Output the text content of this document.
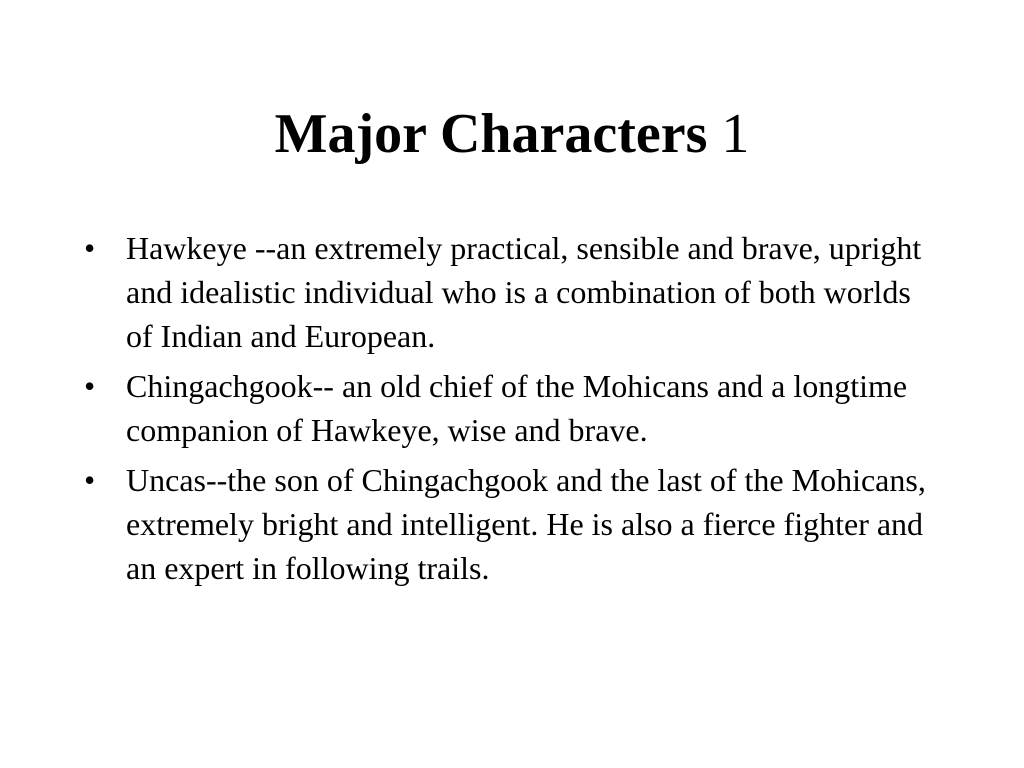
Major Characters 1
• Hawkeye --an extremely practical, sensible and brave, upright and idealistic individual who is a combination of both worlds of Indian and European.
• Chingachgook-- an old chief of the Mohicans and a longtime companion of Hawkeye, wise and brave.
• Uncas--the son of Chingachgook and the last of the Mohicans, extremely bright and intelligent. He is also a fierce fighter and an expert in following trails.
